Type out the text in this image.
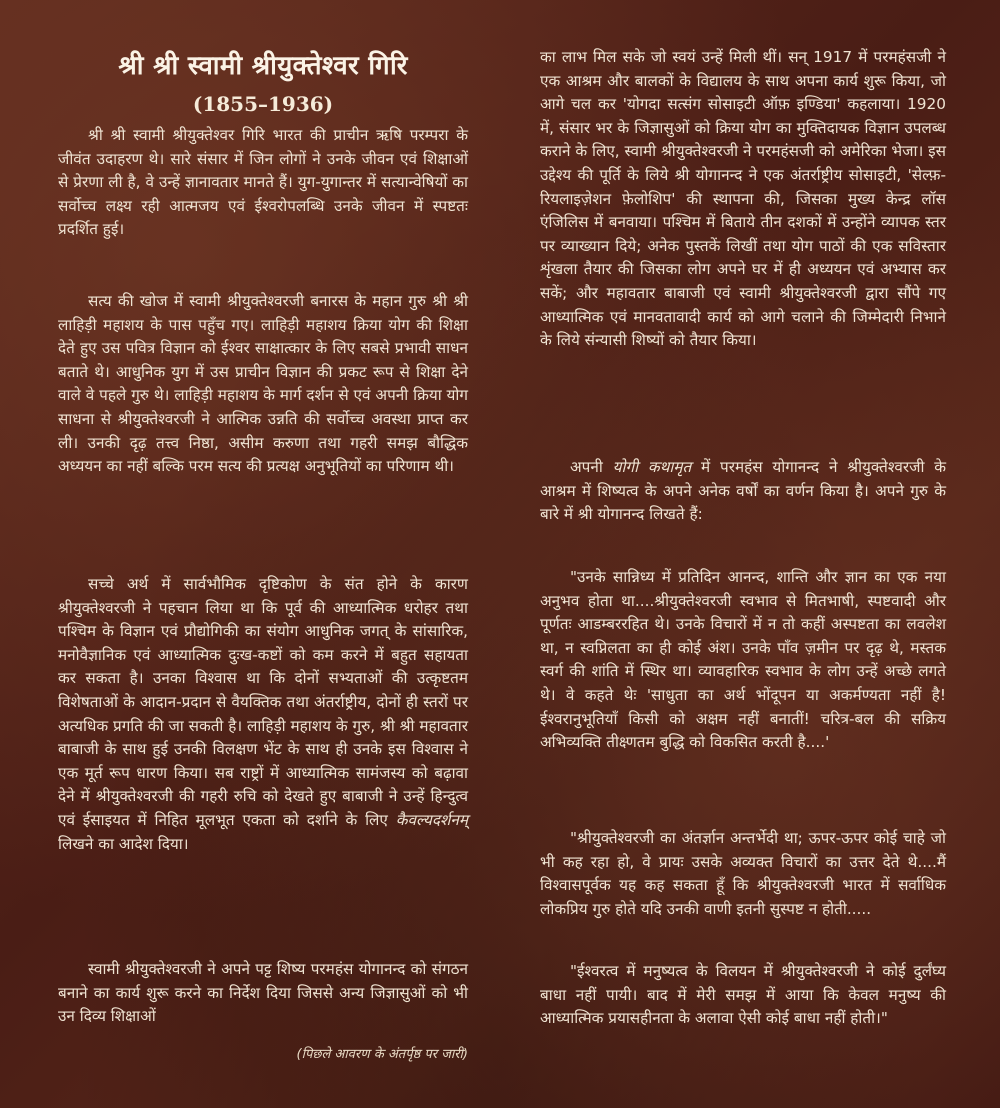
श्री श्री स्वामी श्रीयुक्तेश्वर गिरि
(1855–1936)

श्री श्री स्वामी श्रीयुक्तेश्वर गिरि भारत की प्राचीन ऋषि परम्परा के जीवंत उदाहरण थे। सारे संसार में जिन लोगों ने उनके जीवन एवं शिक्षाओं से प्रेरणा ली है, वे उन्हें ज्ञानावतार मानते हैं। युग-युगान्तर में सत्यान्वेषियों का सर्वोच्च लक्ष्य रही आत्मजय एवं ईश्वरोपलब्धि उनके जीवन में स्पष्टतः प्रदर्शित हुई।

सत्य की खोज में स्वामी श्रीयुक्तेश्वरजी बनारस के महान गुरु श्री श्री लाहिड़ी महाशय के पास पहुँच गए। लाहिड़ी महाशय क्रिया योग की शिक्षा देते हुए उस पवित्र विज्ञान को ईश्वर साक्षात्कार के लिए सबसे प्रभावी साधन बताते थे। आधुनिक युग में उस प्राचीन विज्ञान की प्रकट रूप से शिक्षा देने वाले वे पहले गुरु थे। लाहिड़ी महाशय के मार्ग दर्शन से एवं अपनी क्रिया योग साधना से श्रीयुक्तेश्वरजी ने आत्मिक उन्नति की सर्वोच्च अवस्था प्राप्त कर ली। उनकी दृढ़ तत्त्व निष्ठा, असीम करुणा तथा गहरी समझ बौद्धिक अध्ययन का नहीं बल्कि परम सत्य की प्रत्यक्ष अनुभूतियों का परिणाम थी।

सच्चे अर्थ में सार्वभौमिक दृष्टिकोण के संत होने के कारण श्रीयुक्तेश्वरजी ने पहचान लिया था कि पूर्व की आध्यात्मिक धरोहर तथा पश्चिम के विज्ञान एवं प्रौद्योगिकी का संयोग आधुनिक जगत् के सांसारिक, मनोवैज्ञानिक एवं आध्यात्मिक दुःख-कष्टों को कम करने में बहुत सहायता कर सकता है। उनका विश्वास था कि दोनों सभ्यताओं की उत्कृष्टतम विशेषताओं के आदान-प्रदान से वैयक्तिक तथा अंतर्राष्ट्रीय, दोनों ही स्तरों पर अत्यधिक प्रगति की जा सकती है। लाहिड़ी महाशय के गुरु, श्री श्री महावतार बाबाजी के साथ हुई उनकी विलक्षण भेंट के साथ ही उनके इस विश्वास ने एक मूर्त रूप धारण किया। सब राष्ट्रों में आध्यात्मिक सामंजस्य को बढ़ावा देने में श्रीयुक्तेश्वरजी की गहरी रुचि को देखते हुए बाबाजी ने उन्हें हिन्दुत्व एवं ईसाइयत में निहित मूलभूत एकता को दर्शाने के लिए कैवल्यदर्शनम् लिखने का आदेश दिया।

स्वामी श्रीयुक्तेश्वरजी ने अपने पट्ट शिष्य परमहंस योगानन्द को संगठन बनाने का कार्य शुरू करने का निर्देश दिया जिससे अन्य जिज्ञासुओं को भी उन दिव्य शिक्षाओं

(पिछले आवरण के अंतर्पृष्ठ पर जारी)

का लाभ मिल सके जो स्वयं उन्हें मिली थीं। सन् 1917 में परमहंसजी ने एक आश्रम और बालकों के विद्यालय के साथ अपना कार्य शुरू किया, जो आगे चल कर 'योगदा सत्संग सोसाइटी ऑफ़ इण्डिया' कहलाया। 1920 में, संसार भर के जिज्ञासुओं को क्रिया योग का मुक्तिदायक विज्ञान उपलब्ध कराने के लिए, स्वामी श्रीयुक्तेश्वरजी ने परमहंसजी को अमेरिका भेजा। इस उद्देश्य की पूर्ति के लिये श्री योगानन्द ने एक अंतर्राष्ट्रीय सोसाइटी, 'सेल्फ़-रियलाइज़ेशन फ़ेलोशिप' की स्थापना की, जिसका मुख्य केन्द्र लॉस एंजिलिस में बनवाया। पश्चिम में बिताये तीन दशकों में उन्होंने व्यापक स्तर पर व्याख्यान दिये; अनेक पुस्तकें लिखीं तथा योग पाठों की एक सविस्तार शृंखला तैयार की जिसका लोग अपने घर में ही अध्ययन एवं अभ्यास कर सकें; और महावतार बाबाजी एवं स्वामी श्रीयुक्तेश्वरजी द्वारा सौंपे गए आध्यात्मिक एवं मानवतावादी कार्य को आगे चलाने की जिम्मेदारी निभाने के लिये संन्यासी शिष्यों को तैयार किया।

अपनी योगी कथामृत में परमहंस योगानन्द ने श्रीयुक्तेश्वरजी के आश्रम में शिष्यत्व के अपने अनेक वर्षों का वर्णन किया है। अपने गुरु के बारे में श्री योगानन्द लिखते हैं:

"उनके सान्निध्य में प्रतिदिन आनन्द, शान्ति और ज्ञान का एक नया अनुभव होता था....श्रीयुक्तेश्वरजी स्वभाव से मितभाषी, स्पष्टवादी और पूर्णतः आडम्बररहित थे। उनके विचारों में न तो कहीं अस्पष्टता का लवलेश था, न स्वप्निलता का ही कोई अंश। उनके पाँव ज़मीन पर दृढ़ थे, मस्तक स्वर्ग की शांति में स्थिर था। व्यावहारिक स्वभाव के लोग उन्हें अच्छे लगते थे। वे कहते थेः 'साधुता का अर्थ भोंदूपन या अकर्मण्यता नहीं है! ईश्वरानुभूतियाँ किसी को अक्षम नहीं बनातीं! चरित्र-बल की सक्रिय अभिव्यक्ति तीक्ष्णतम बुद्धि को विकसित करती है....'

"श्रीयुक्तेश्वरजी का अंतर्ज्ञान अन्तर्भेदी था; ऊपर-ऊपर कोई चाहे जो भी कह रहा हो, वे प्रायः उसके अव्यक्त विचारों का उत्तर देते थे....मैं विश्वासपूर्वक यह कह सकता हूँ कि श्रीयुक्तेश्वरजी भारत में सर्वाधिक लोकप्रिय गुरु होते यदि उनकी वाणी इतनी सुस्पष्ट न होती.....

"ईश्वरत्व में मनुष्यत्व के विलयन में श्रीयुक्तेश्वरजी ने कोई दुर्लंघ्य बाधा नहीं पायी। बाद में मेरी समझ में आया कि केवल मनुष्य की आध्यात्मिक प्रयासहीनता के अलावा ऐसी कोई बाधा नहीं होती।"
